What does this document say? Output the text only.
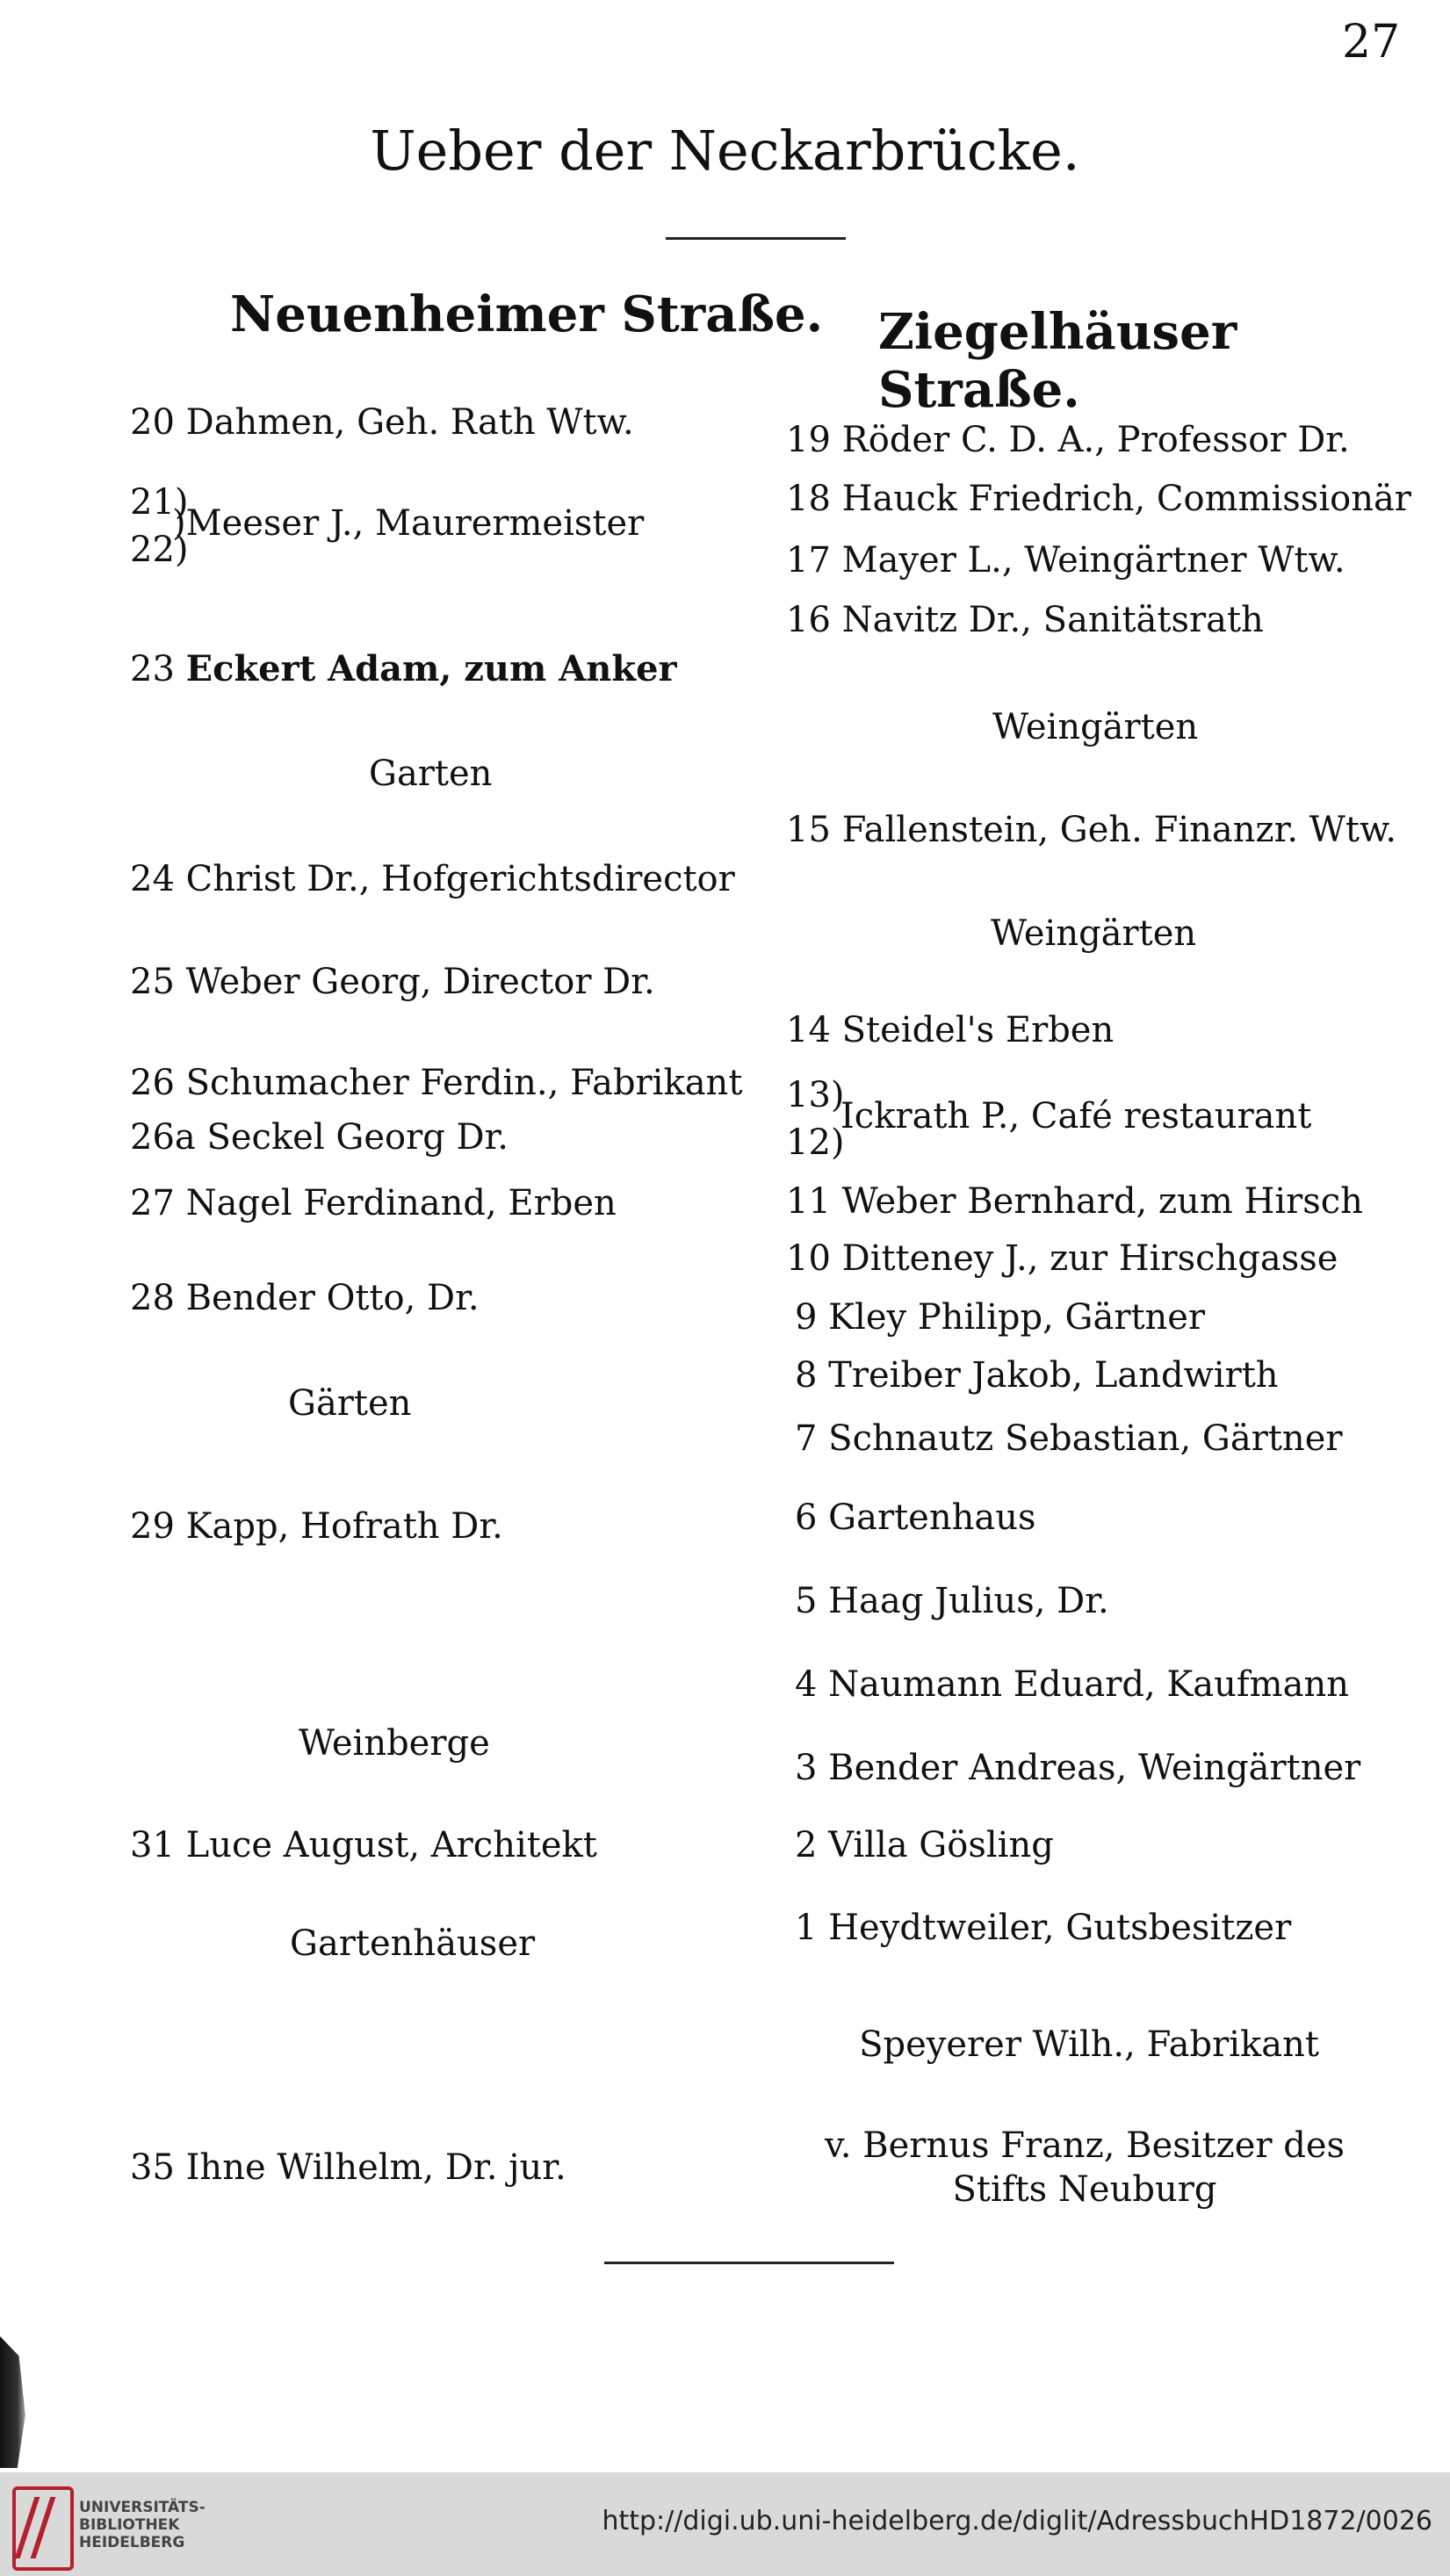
27
Ueber der Neckarbrücke.
Neuenheimer Straße.
20 Dahmen, Geh. Rath Wtw.
21)
22)
)Meeser J., Maurermeister
23 Eckert Adam, zum Anker
Garten
24 Christ Dr., Hofgerichtsdirector
25 Weber Georg, Director Dr.
26 Schumacher Ferdin., Fabrikant
26a Seckel Georg Dr.
27 Nagel Ferdinand, Erben
28 Bender Otto, Dr.
Gärten
29 Kapp, Hofrath Dr.
Weinberge
31 Luce August, Architekt
Gartenhäuser
35 Ihne Wilhelm, Dr. jur.
Ziegelhäuser Straße.
19 Röder C. D. A., Professor Dr.
18 Hauck Friedrich, Commissionär
17 Mayer L., Weingärtner Wtw.
16 Navitz Dr., Sanitätsrath
Weingärten
15 Fallenstein, Geh. Finanzr. Wtw.
Weingärten
14 Steidel's Erben
13)
12)
Ickrath P., Café restaurant
11 Weber Bernhard, zum Hirsch
10 Ditteney J., zur Hirschgasse
9 Kley Philipp, Gärtner
8 Treiber Jakob, Landwirth
7 Schnautz Sebastian, Gärtner
6 Gartenhaus
5 Haag Julius, Dr.
4 Naumann Eduard, Kaufmann
3 Bender Andreas, Weingärtner
2 Villa Gösling
1 Heydtweiler, Gutsbesitzer
Speyerer Wilh., Fabrikant
v. Bernus Franz, Besitzer des
Stifts Neuburg
UNIVERSITÄTS-
BIBLIOTHEK
HEIDELBERG
http://digi.ub.uni-heidelberg.de/diglit/AdressbuchHD1872/0026
